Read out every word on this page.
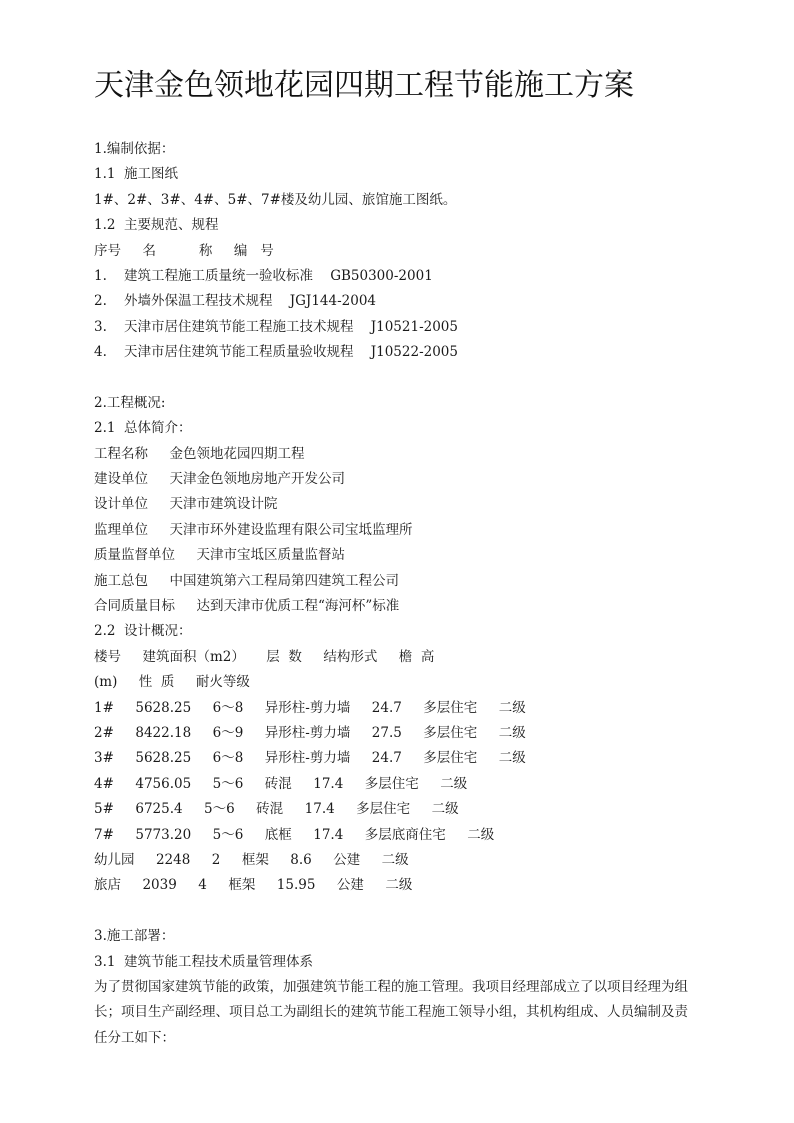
天津金色领地花园四期工程节能施工方案
1.编制依据：
1.1  施工图纸
1#、2#、3#、4#、5#、7#楼及幼儿园、旅馆施工图纸。
1.2  主要规范、规程
序号     名          称     编   号
1.    建筑工程施工质量统一验收标准    GB50300-2001
2.    外墙外保温工程技术规程    JGJ144-2004
3.    天津市居住建筑节能工程施工技术规程    J10521-2005
4.    天津市居住建筑节能工程质量验收规程    J10522-2005
2.工程概况:
2.1  总体简介：
工程名称     金色领地花园四期工程
建设单位     天津金色领地房地产开发公司
设计单位     天津市建筑设计院
监理单位     天津市环外建设监理有限公司宝坻监理所
质量监督单位     天津市宝坻区质量监督站
施工总包     中国建筑第六工程局第四建筑工程公司
合同质量目标     达到天津市优质工程“海河杯”标准
2.2  设计概况：
楼号     建筑面积（m2）     层  数     结构形式     檐  高
(m)     性  质     耐火等级
1#     5628.25     6～8     异形柱-剪力墙     24.7     多层住宅     二级
2#     8422.18     6～9     异形柱-剪力墙     27.5     多层住宅     二级
3#     5628.25     6～8     异形柱-剪力墙     24.7     多层住宅     二级
4#     4756.05     5～6     砖混     17.4     多层住宅     二级
5#     6725.4     5～6     砖混     17.4     多层住宅     二级
7#     5773.20     5～6     底框     17.4     多层底商住宅     二级
幼儿园     2248     2     框架     8.6     公建     二级
旅店     2039     4     框架     15.95     公建     二级
3.施工部署：
3.1  建筑节能工程技术质量管理体系
为了贯彻国家建筑节能的政策，加强建筑节能工程的施工管理。我项目经理部成立了以项目经理为组长；项目生产副经理、项目总工为副组长的建筑节能工程施工领导小组，其机构组成、人员编制及责任分工如下：
